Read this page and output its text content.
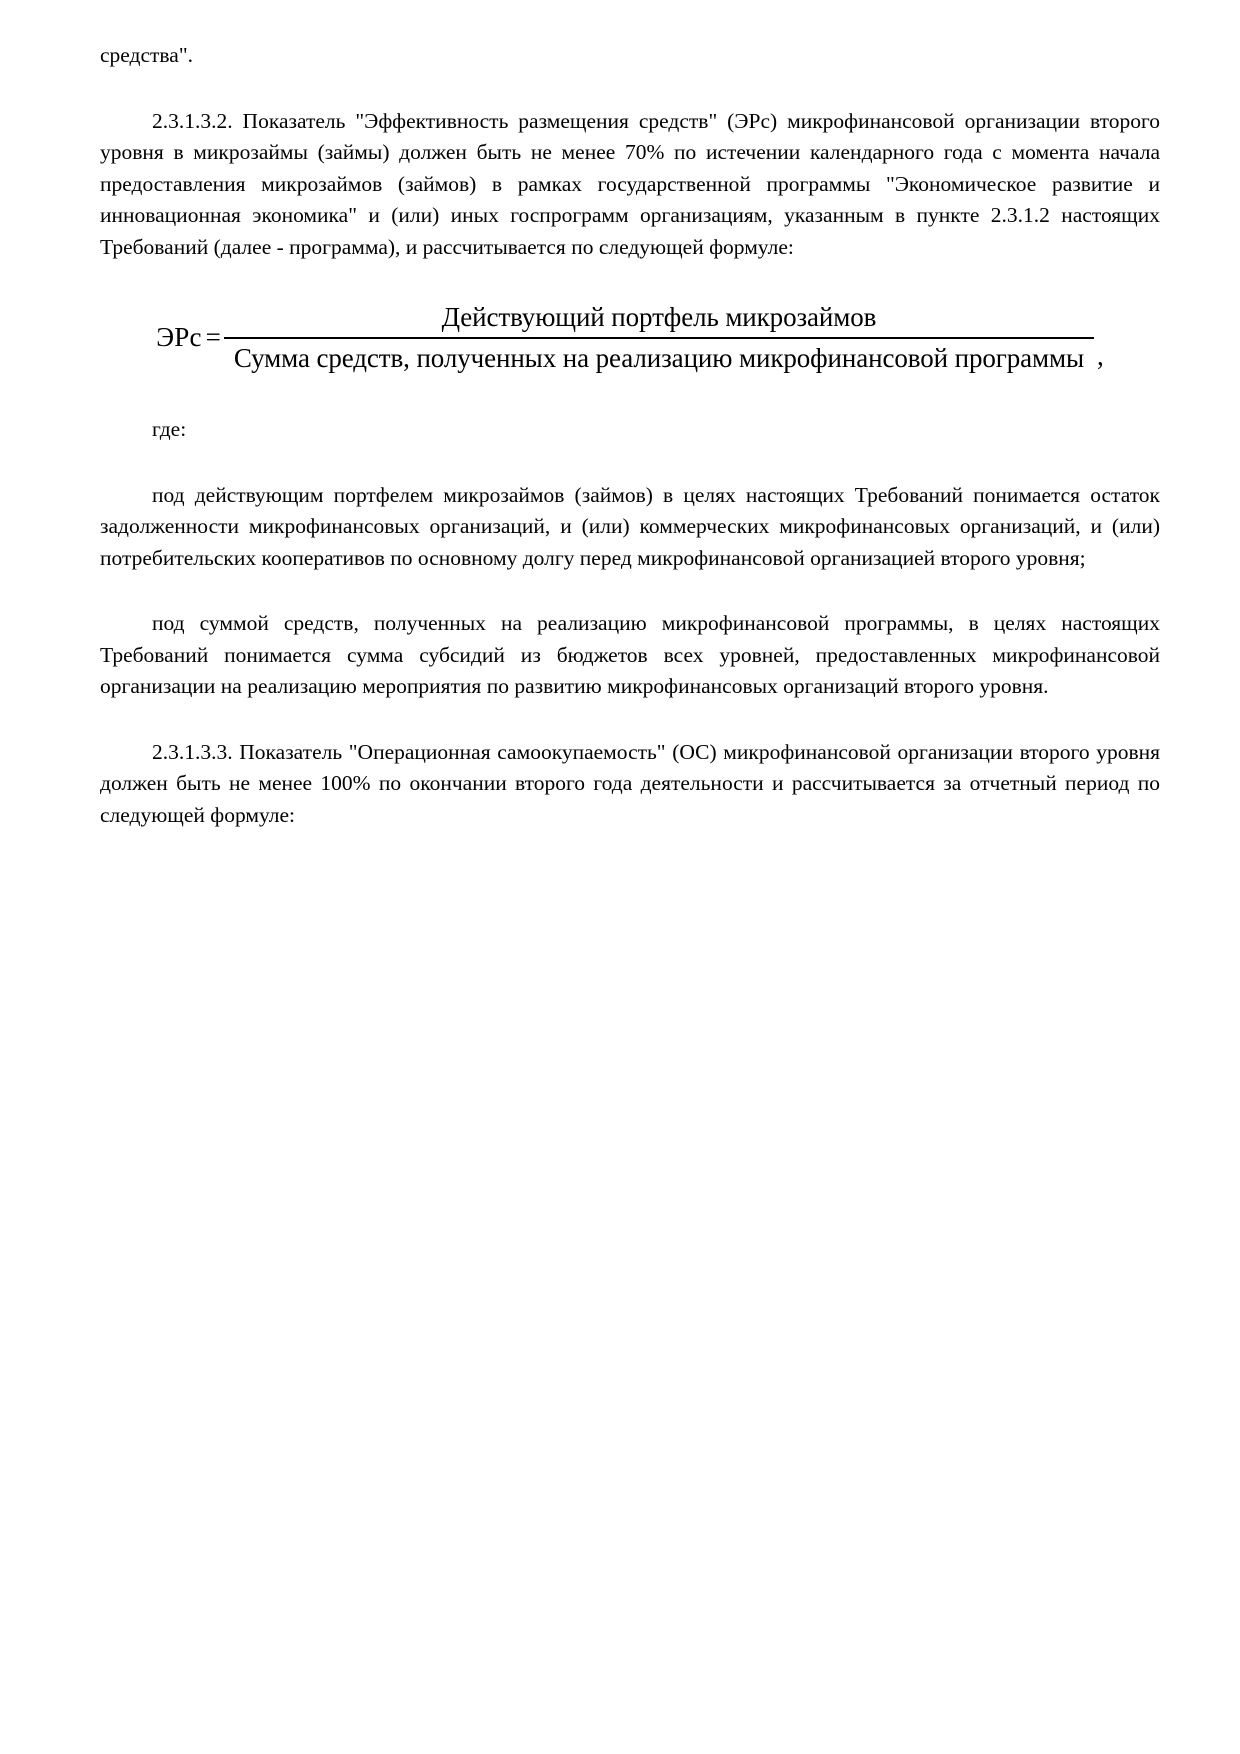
средства".

2.3.1.3.2. Показатель "Эффективность размещения средств" (ЭРс) микрофинансовой организации второго уровня в микрозаймы (займы) должен быть не менее 70% по истечении календарного года с момента начала предоставления микрозаймов (займов) в рамках государственной программы "Экономическое развитие и инновационная экономика" и (или) иных госпрограмм организациям, указанным в пункте 2.3.1.2 настоящих Требований (далее - программа), и рассчитывается по следующей формуле:

ЭРс =
Действующий портфель микрозаймов
Сумма средств, полученных на реализацию микрофинансовой программы ,

где:

под действующим портфелем микрозаймов (займов) в целях настоящих Требований понимается остаток задолженности микрофинансовых организаций, и (или) коммерческих микрофинансовых организаций, и (или) потребительских кооперативов по основному долгу перед микрофинансовой организацией второго уровня;

под суммой средств, полученных на реализацию микрофинансовой программы, в целях настоящих Требований понимается сумма субсидий из бюджетов всех уровней, предоставленных микрофинансовой организации на реализацию мероприятия по развитию микрофинансовых организаций второго уровня.

2.3.1.3.3. Показатель "Операционная самоокупаемость" (ОС) микрофинансовой организации второго уровня должен быть не менее 100% по окончании второго года деятельности и рассчитывается за отчетный период по следующей формуле:
